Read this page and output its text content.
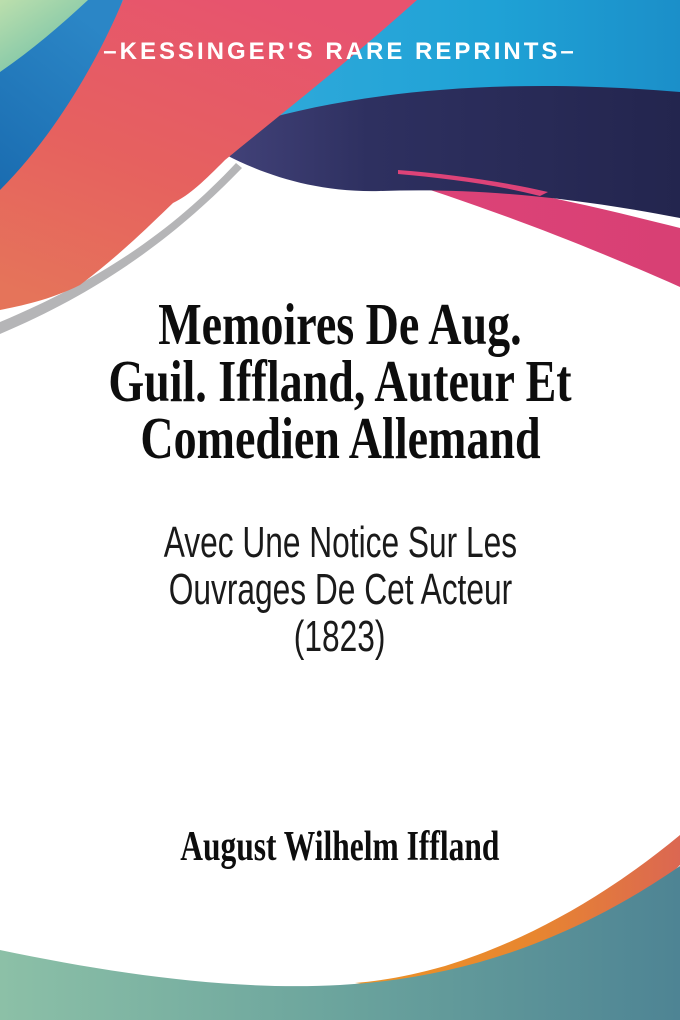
–KESSINGER'S RARE REPRINTS–
Memoires De Aug.
Guil. Iffland, Auteur Et
Comedien Allemand
Avec Une Notice Sur Les
Ouvrages De Cet Acteur
(1823)
August Wilhelm Iffland
